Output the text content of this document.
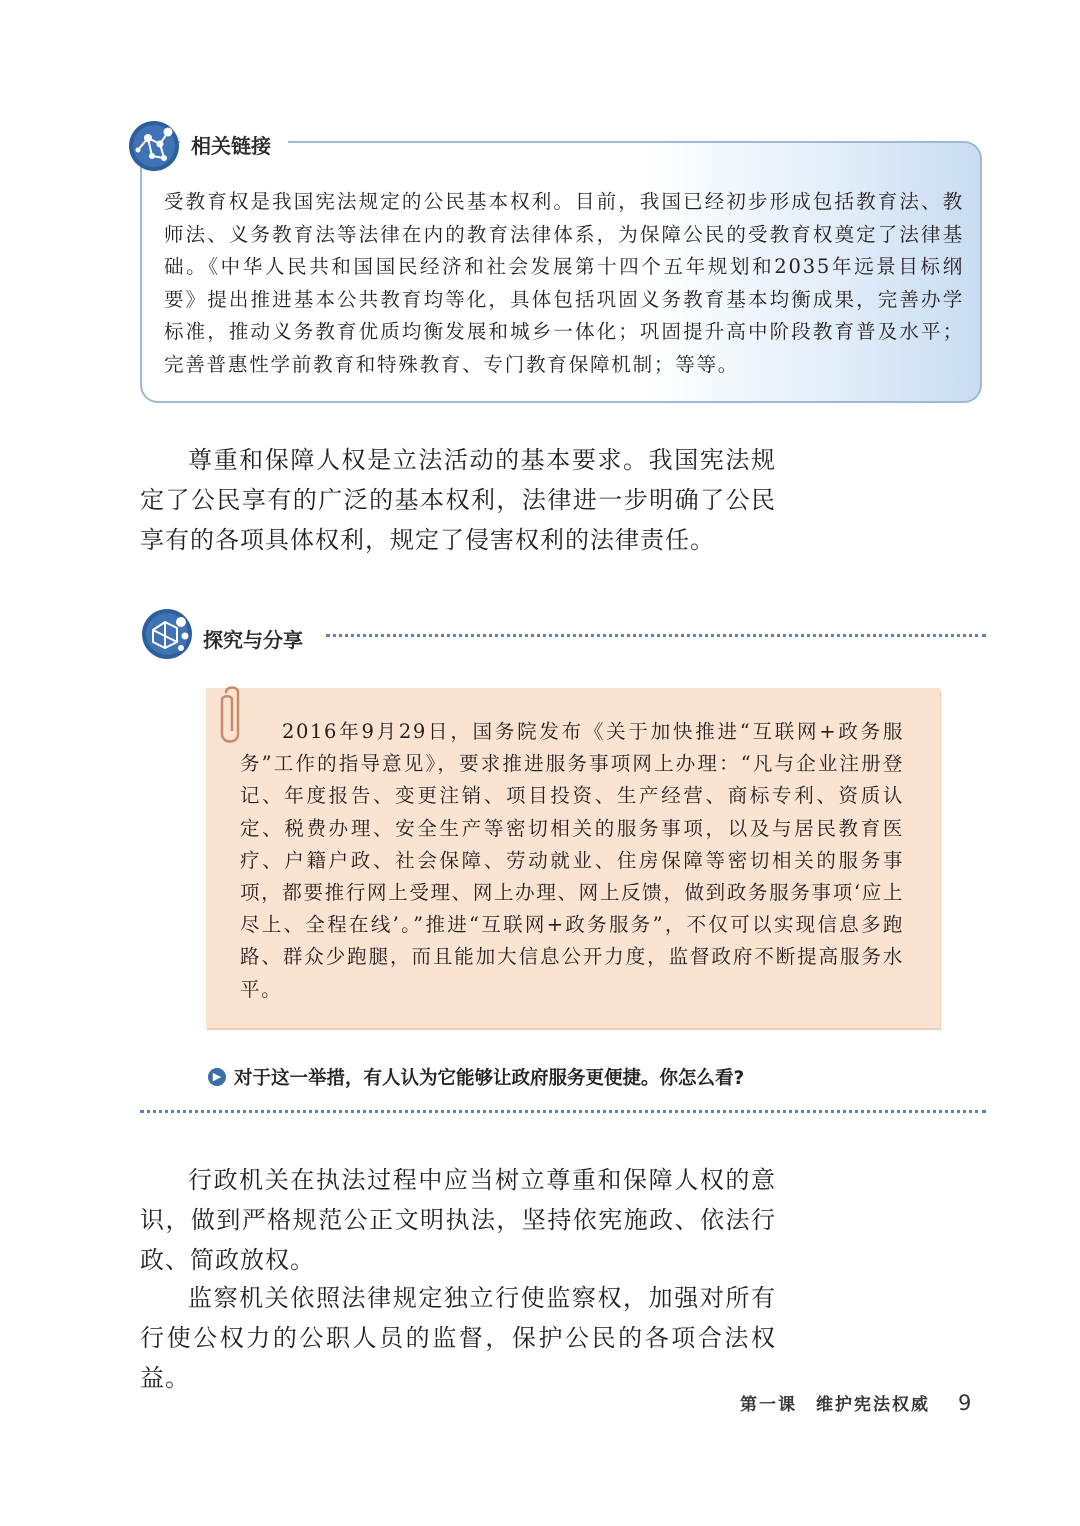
相关链接

受教育权是我国宪法规定的公民基本权利。目前，我国已经初步形成包括教育法、教师法、义务教育法等法律在内的教育法律体系，为保障公民的受教育权奠定了法律基础。《中华人民共和国国民经济和社会发展第十四个五年规划和2035年远景目标纲要》提出推进基本公共教育均等化，具体包括巩固义务教育基本均衡成果，完善办学标准，推动义务教育优质均衡发展和城乡一体化；巩固提升高中阶段教育普及水平；完善普惠性学前教育和特殊教育、专门教育保障机制；等等。

尊重和保障人权是立法活动的基本要求。我国宪法规定了公民享有的广泛的基本权利，法律进一步明确了公民享有的各项具体权利，规定了侵害权利的法律责任。

探究与分享

2016年9月29日，国务院发布《关于加快推进“互联网+政务服务”工作的指导意见》，要求推进服务事项网上办理：“凡与企业注册登记、年度报告、变更注销、项目投资、生产经营、商标专利、资质认定、税费办理、安全生产等密切相关的服务事项，以及与居民教育医疗、户籍户政、社会保障、劳动就业、住房保障等密切相关的服务事项，都要推行网上受理、网上办理、网上反馈，做到政务服务事项‘应上尽上、全程在线’。”推进“互联网+政务服务”，不仅可以实现信息多跑路、群众少跑腿，而且能加大信息公开力度，监督政府不断提高服务水平。

▶ 对于这一举措，有人认为它能够让政府服务更便捷。你怎么看?

行政机关在执法过程中应当树立尊重和保障人权的意识，做到严格规范公正文明执法，坚持依宪施政、依法行政、简政放权。

监察机关依照法律规定独立行使监察权，加强对所有行使公权力的公职人员的监督，保护公民的各项合法权益。

第一课　维护宪法权威 9
